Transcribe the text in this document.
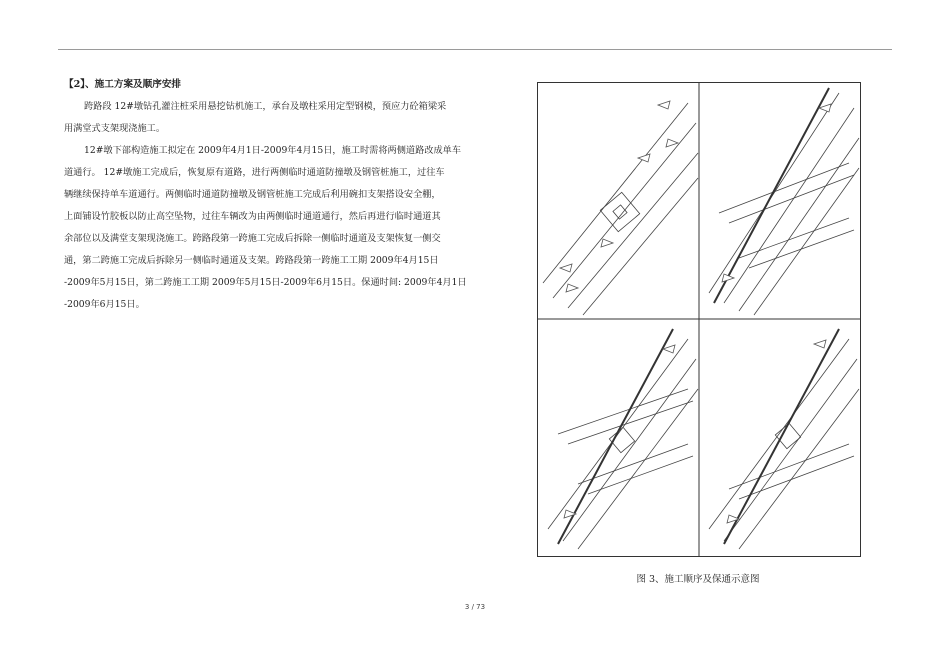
【2】、施工方案及顺序安排
跨路段 12#墩钻孔灌注桩采用悬挖钻机施工，承台及墩柱采用定型钢模，预应力砼箱梁采
用满堂式支架现浇施工。
12#墩下部构造施工拟定在 2009年4月1日-2009年4月15日，施工时需将两侧道路改成单车
道通行。 12#墩施工完成后，恢复原有道路，进行两侧临时通道防撞墩及钢管桩施工，过往车
辆继续保持单车道通行。两侧临时通道防撞墩及钢管桩施工完成后利用碗扣支架搭设安全棚，
上面铺设竹胶板以防止高空坠物，过往车辆改为由两侧临时通道通行，然后再进行临时通道其
余部位以及满堂支架现浇施工。跨路段第一跨施工完成后拆除一侧临时通道及支架恢复一侧交
通，第二跨施工完成后拆除另一侧临时通道及支架。跨路段第一跨施工工期 2009年4月15日
-2009年5月15日，第二跨施工工期 2009年5月15日-2009年6月15日。保通时间: 2009年4月1日
-2009年6月15日。
图 3、施工顺序及保通示意图
3 / 73
